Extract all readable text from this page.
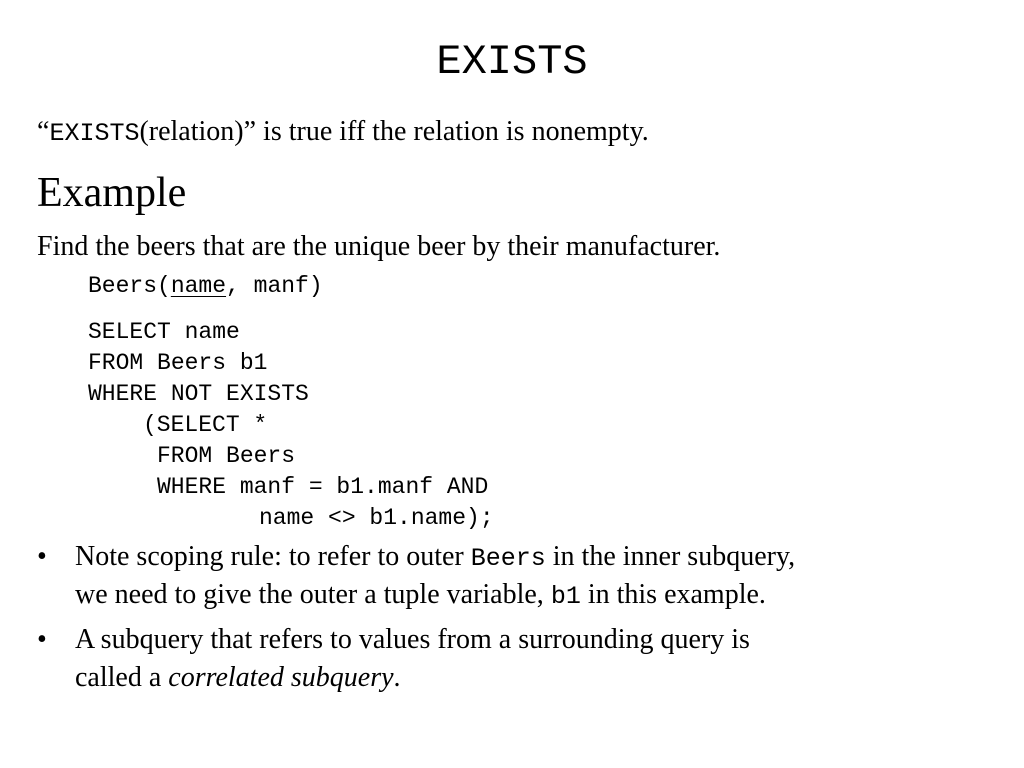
EXISTS

“EXISTS(relation)” is true iff the relation is nonempty.

Example

Find the beers that are the unique beer by their manufacturer.

Beers(name, manf)

SELECT name

FROM Beers b1

WHERE NOT EXISTS

(SELECT *

FROM Beers

WHERE manf = b1.manf AND

name <> b1.name);

• Note scoping rule: to refer to outer Beers in the inner subquery,
we need to give the outer a tuple variable, b1 in this example.
• A subquery that refers to values from a surrounding query is
called a correlated subquery.
